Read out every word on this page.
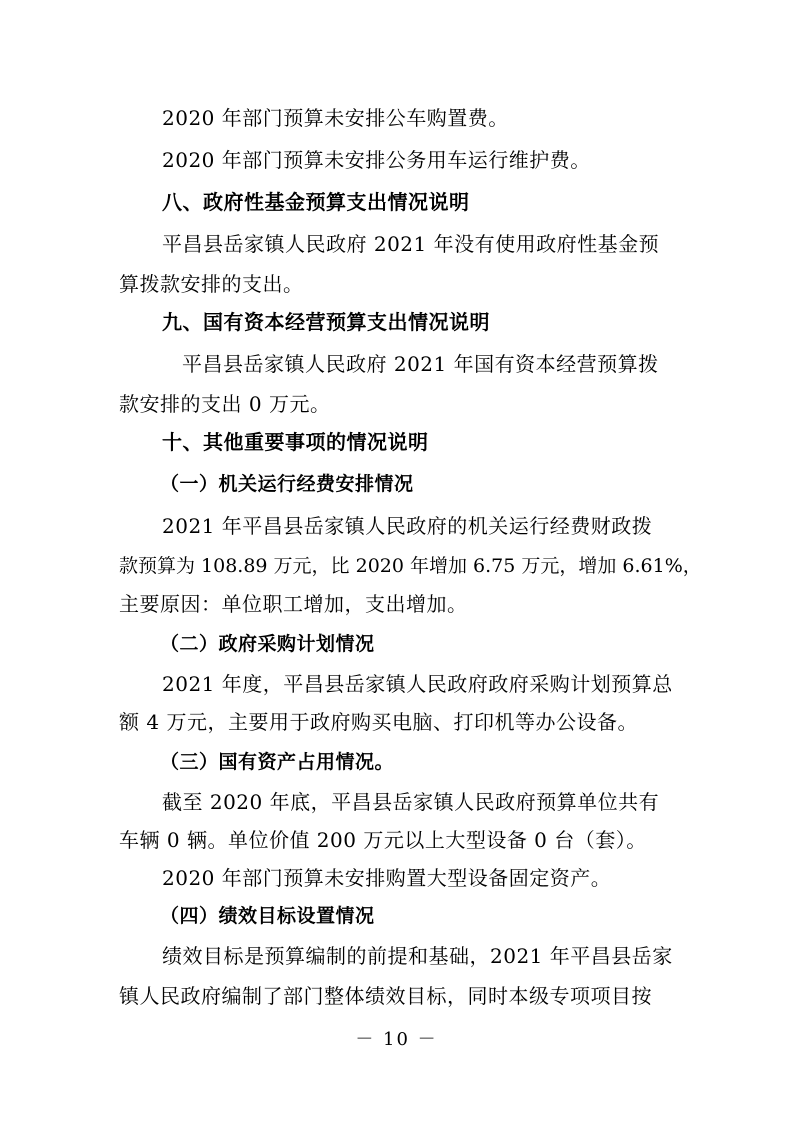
2020 年部门预算未安排公车购置费。
2020 年部门预算未安排公务用车运行维护费。
八、政府性基金预算支出情况说明
平昌县岳家镇人民政府 2021 年没有使用政府性基金预
算拨款安排的支出。
九、国有资本经营预算支出情况说明
平昌县岳家镇人民政府 2021 年国有资本经营预算拨
款安排的支出 0 万元。
十、其他重要事项的情况说明
（一）机关运行经费安排情况
2021 年平昌县岳家镇人民政府的机关运行经费财政拨
款预算为 108.89 万元，比 2020 年增加 6.75 万元，增加 6.61%，
主要原因：单位职工增加，支出增加。
（二）政府采购计划情况
2021 年度，平昌县岳家镇人民政府政府采购计划预算总
额 4 万元，主要用于政府购买电脑、打印机等办公设备。
（三）国有资产占用情况。
截至 2020 年底，平昌县岳家镇人民政府预算单位共有
车辆 0 辆。单位价值 200 万元以上大型设备 0 台（套）。
2020 年部门预算未安排购置大型设备固定资产。
（四）绩效目标设置情况
绩效目标是预算编制的前提和基础，2021 年平昌县岳家
镇人民政府编制了部门整体绩效目标，同时本级专项项目按
－ 10 －
